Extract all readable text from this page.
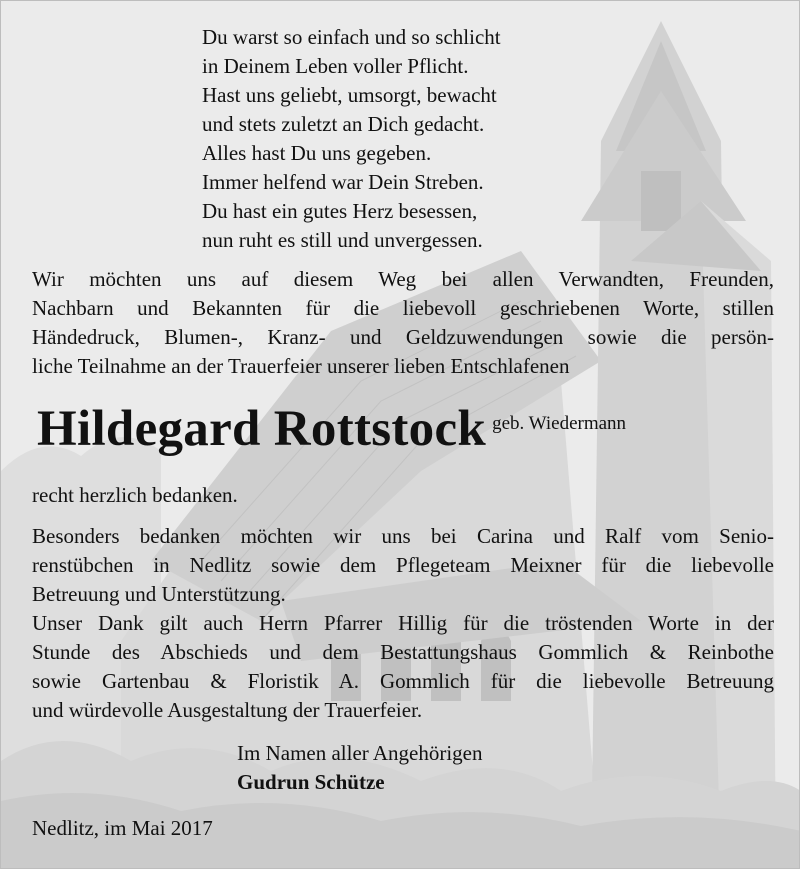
Du warst so einfach und so schlicht
in Deinem Leben voller Pflicht.
Hast uns geliebt, umsorgt, bewacht
und stets zuletzt an Dich gedacht.
Alles hast Du uns gegeben.
Immer helfend war Dein Streben.
Du hast ein gutes Herz besessen,
nun ruht es still und unvergessen.
Wir möchten uns auf diesem Weg bei allen Verwandten, Freunden,
Nachbarn und Bekannten für die liebevoll geschriebenen Worte, stillen
Händedruck, Blumen-, Kranz- und Geldzuwendungen sowie die persön-
liche Teilnahme an der Trauerfeier unserer lieben Entschlafenen
Hildegard Rottstock geb. Wiedermann
recht herzlich bedanken.
Besonders bedanken möchten wir uns bei Carina und Ralf vom Senio-
renstübchen in Nedlitz sowie dem Pflegeteam Meixner für die liebevolle
Betreuung und Unterstützung.
Unser Dank gilt auch Herrn Pfarrer Hillig für die tröstenden Worte in der
Stunde des Abschieds und dem Bestattungshaus Gommlich & Reinbothe
sowie Gartenbau & Floristik A. Gommlich für die liebevolle Betreuung
und würdevolle Ausgestaltung der Trauerfeier.
Im Namen aller Angehörigen
Gudrun Schütze
Nedlitz, im Mai 2017
